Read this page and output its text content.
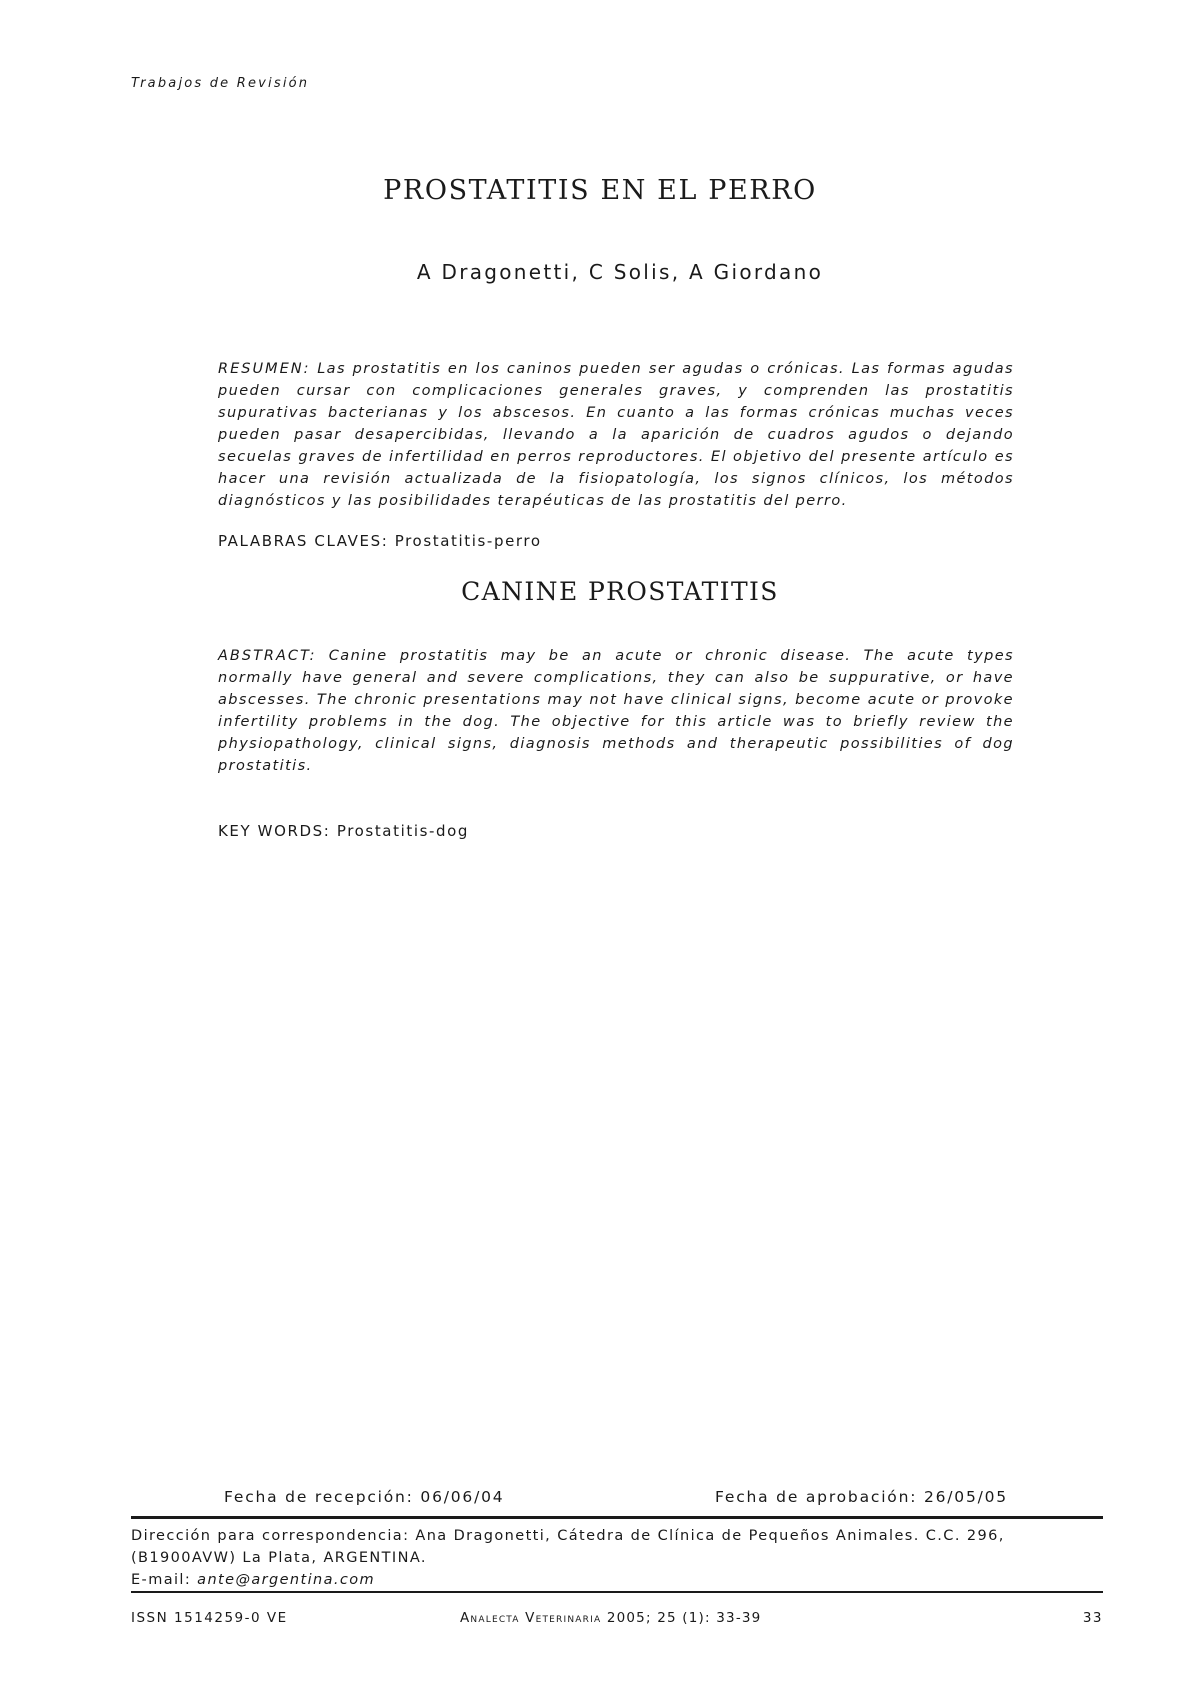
Trabajos de Revisión
PROSTATITIS EN EL PERRO
A Dragonetti, C Solis, A Giordano
RESUMEN: Las prostatitis en los caninos pueden ser agudas o crónicas. Las formas agudas pueden cursar con complicaciones generales graves, y comprenden las prostatitis supurativas bacterianas y los abscesos. En cuanto a las formas crónicas muchas veces pueden pasar desapercibidas, llevando a la aparición de cuadros agudos o dejando secuelas graves de infertilidad en perros reproductores. El objetivo del presente artículo es hacer una revisión actualizada de la fisiopatología, los signos clínicos, los métodos diagnósticos y las posibilidades terapéuticas de las prostatitis del perro.
PALABRAS CLAVES: Prostatitis-perro
CANINE PROSTATITIS
ABSTRACT: Canine prostatitis may be an acute or chronic disease. The acute types normally have general and severe complications, they can also be suppurative, or have abscesses. The chronic presentations may not have clinical signs, become acute or provoke infertility problems in the dog. The objective for this article was to briefly review the physiopathology, clinical signs, diagnosis methods and therapeutic possibilities of dog prostatitis.
KEY WORDS: Prostatitis-dog
Fecha de recepción: 06/06/04	Fecha de aprobación: 26/05/05
Dirección para correspondencia: Ana Dragonetti, Cátedra de Clínica de Pequeños Animales. C.C. 296, (B1900AVW) La Plata, ARGENTINA.
E-mail: ante@argentina.com
ISSN 1514259-0 VE	Analecta Veterinaria 2005; 25 (1): 33-39	33
